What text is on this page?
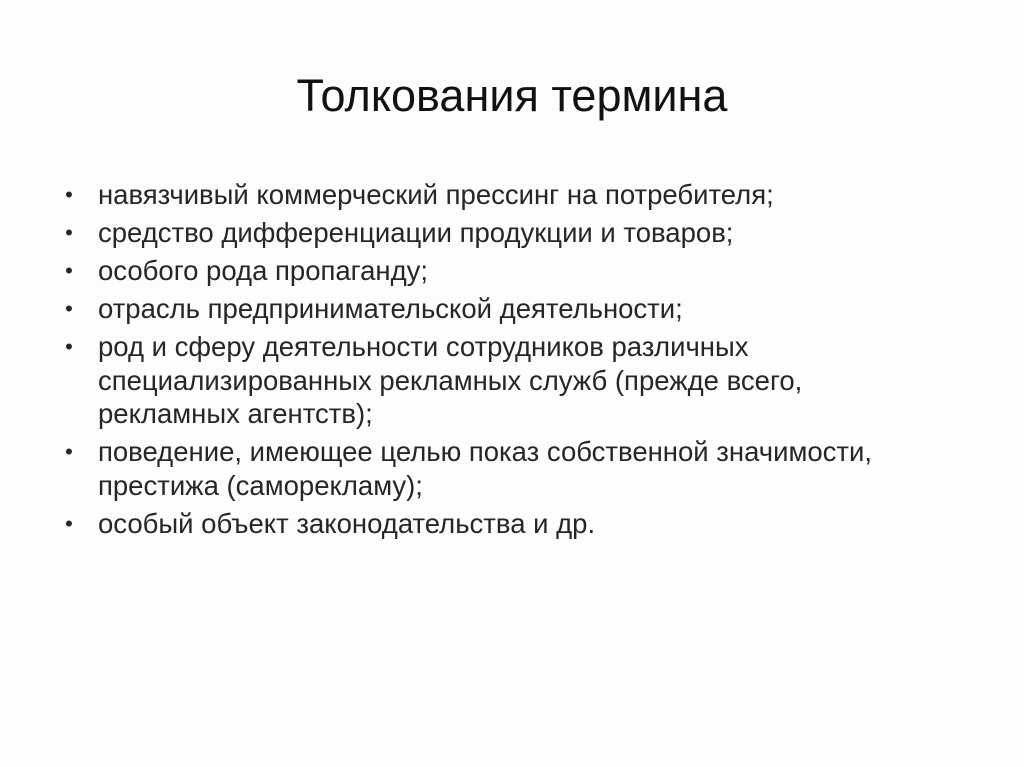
Толкования термина
• навязчивый коммерческий прессинг на потребителя;
• средство дифференциации продукции и товаров;
• особого рода пропаганду;
• отрасль предпринимательской деятельности;
• род и сферу деятельности сотрудников различных специализированных рекламных служб (прежде всего, рекламных агентств);
• поведение, имеющее целью показ собственной значимости, престижа (саморекламу);
• особый объект законодательства и др.
